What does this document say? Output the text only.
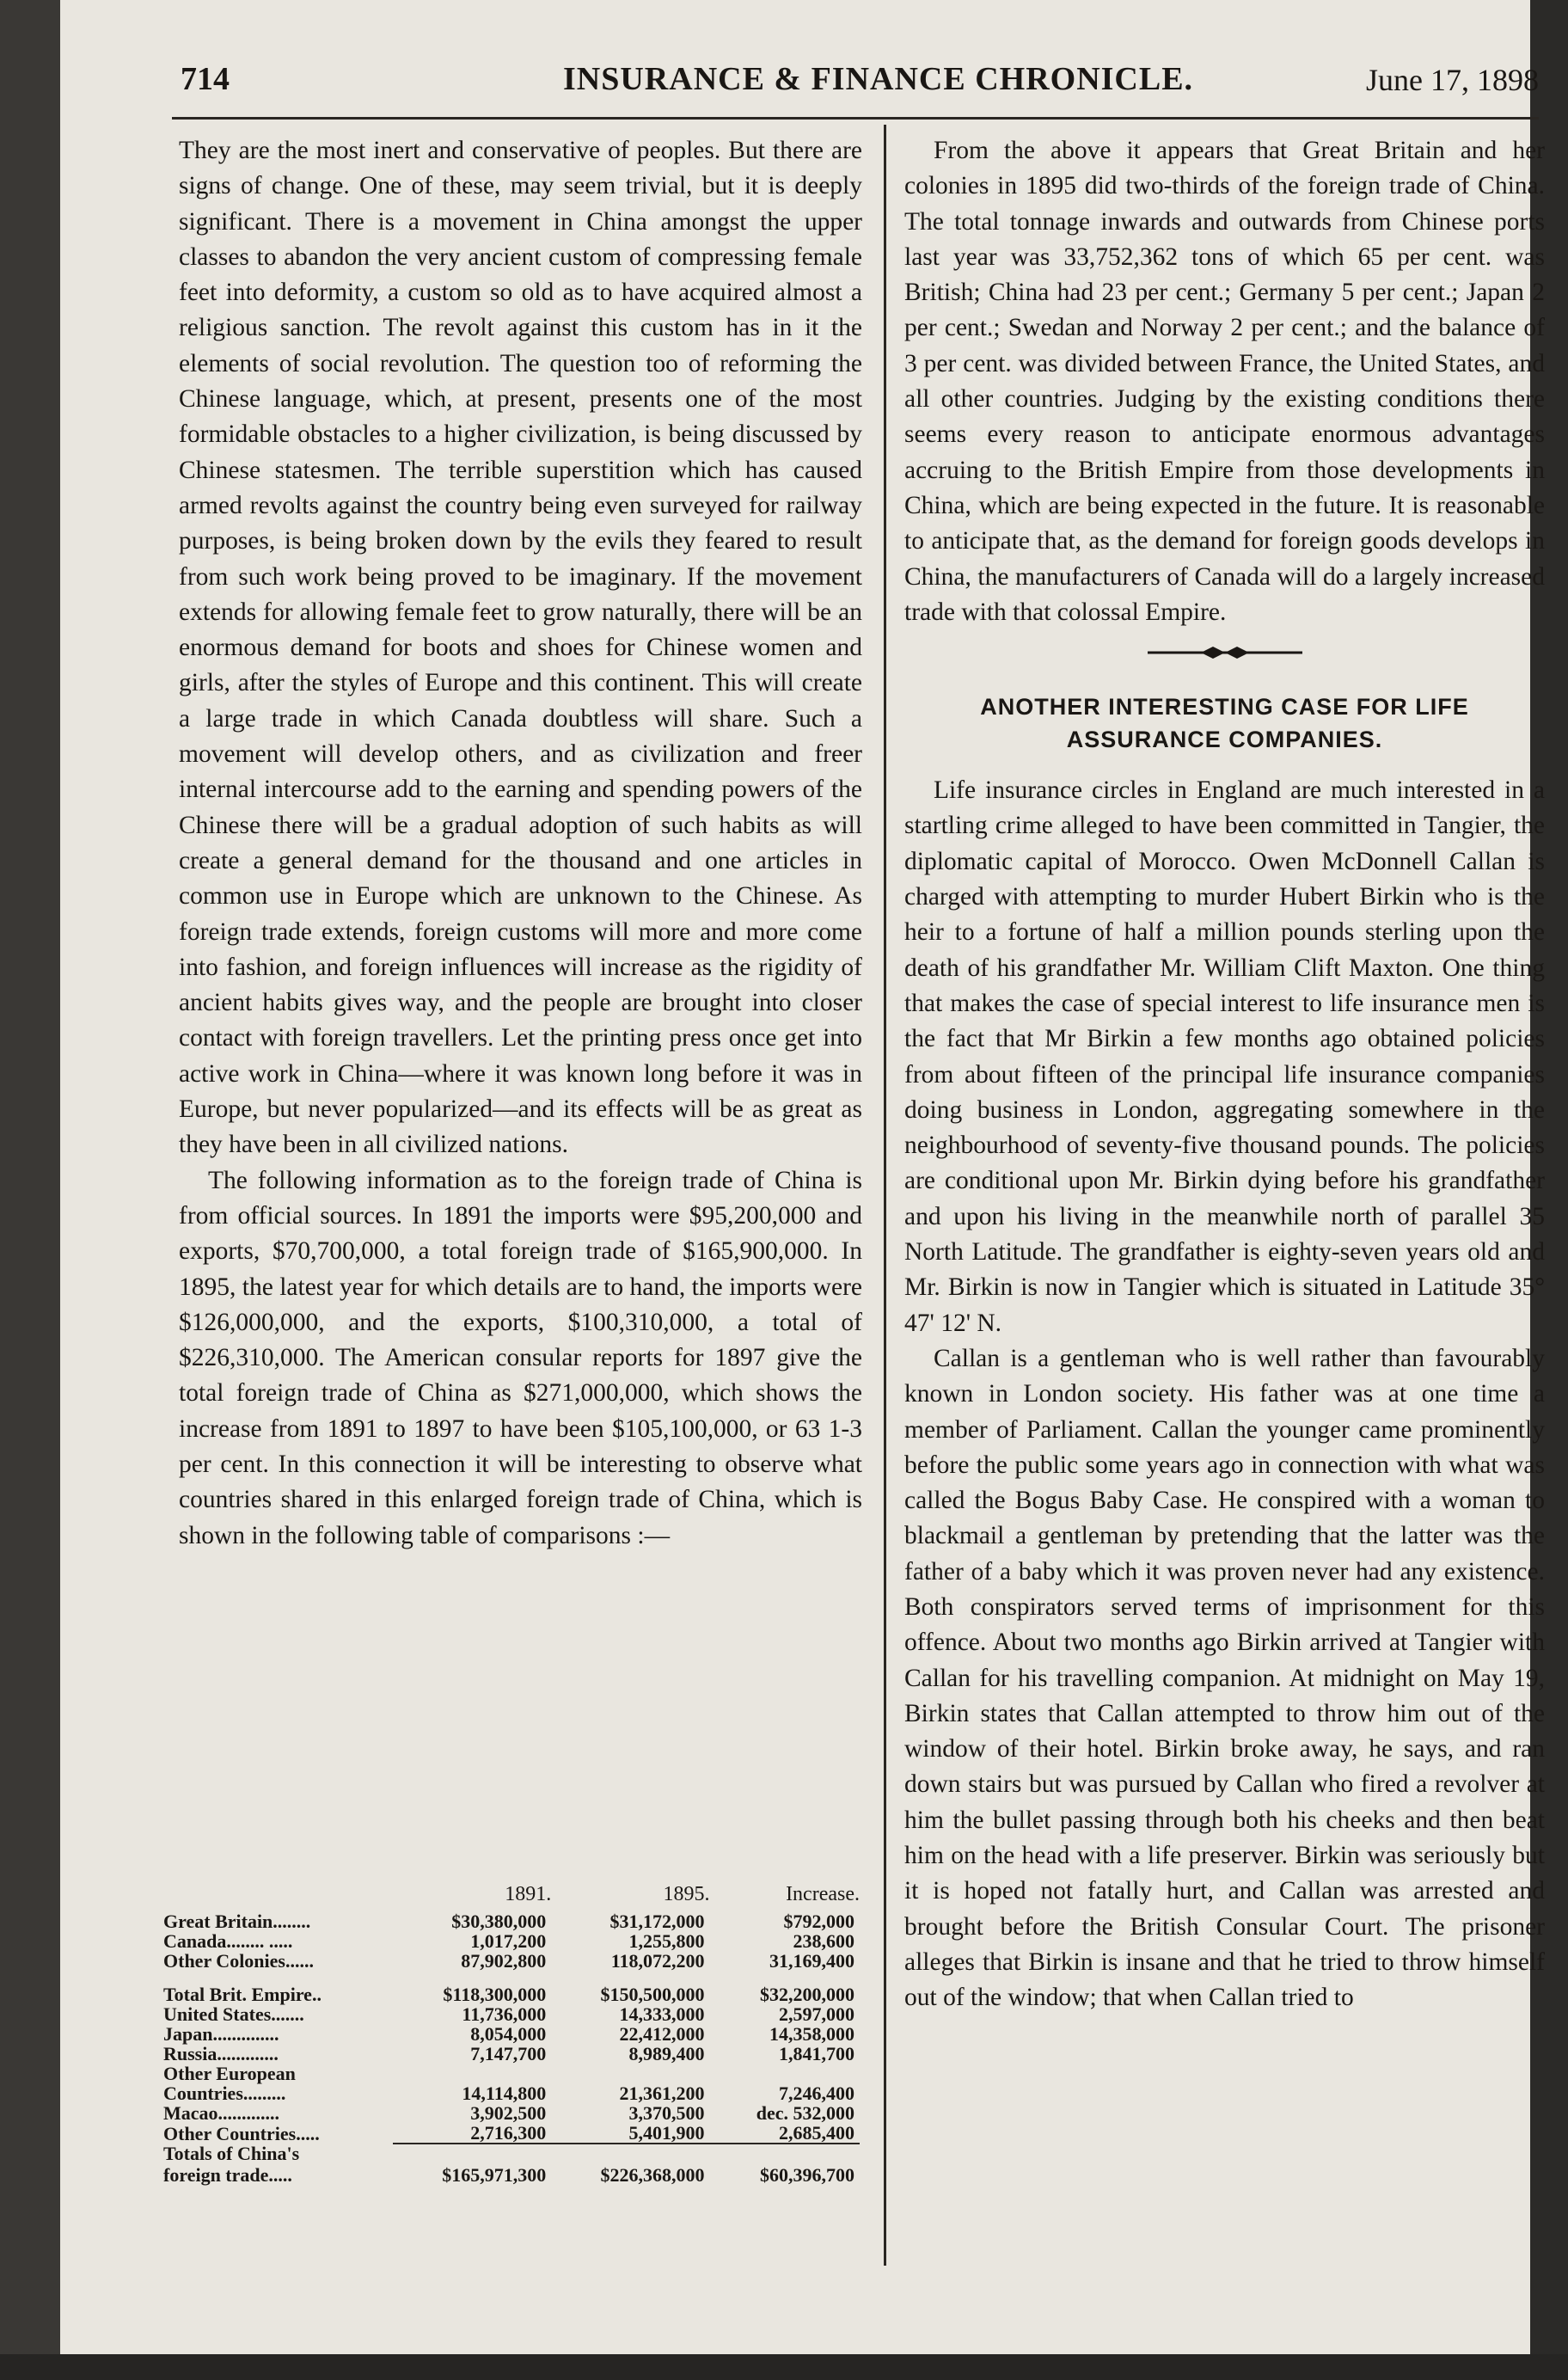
714	INSURANCE & FINANCE CHRONICLE.	June 17, 1898

They are the most inert and conservative of peoples. But there are signs of change. One of these, may seem trivial, but it is deeply significant. There is a movement in China amongst the upper classes to abandon the very ancient custom of compressing female feet into deformity, a custom so old as to have acquired almost a religious sanction. The revolt against this custom has in it the elements of social revolution. The question too of reforming the Chinese language, which, at present, presents one of the most formidable obstacles to a higher civilization, is being discussed by Chinese statesmen. The terrible superstition which has caused armed revolts against the country being even surveyed for railway purposes, is being broken down by the evils they feared to result from such work being proved to be imaginary. If the movement extends for allowing female feet to grow naturally, there will be an enormous demand for boots and shoes for Chinese women and girls, after the styles of Europe and this continent. This will create a large trade in which Canada doubtless will share. Such a movement will develop others, and as civilization and freer internal intercourse add to the earning and spending powers of the Chinese there will be a gradual adoption of such habits as will create a general demand for the thousand and one articles in common use in Europe which are unknown to the Chinese. As foreign trade extends, foreign customs will more and more come into fashion, and foreign influences will increase as the rigidity of ancient habits gives way, and the people are brought into closer contact with foreign travellers. Let the printing press once get into active work in China—where it was known long before it was in Europe, but never popularized—and its effects will be as great as they have been in all civilized nations.

The following information as to the foreign trade of China is from official sources. In 1891 the imports were $95,200,000 and exports, $70,700,000, a total foreign trade of $165,900,000. In 1895, the latest year for which details are to hand, the imports were $126,000,000, and the exports, $100,310,000, a total of $226,310,000. The American consular reports for 1897 give the total foreign trade of China as $271,000,000, which shows the increase from 1891 to 1897 to have been $105,100,000, or 63 1-3 per cent. In this connection it will be interesting to observe what countries shared in this enlarged foreign trade of China, which is shown in the following table of comparisons :—

	1891.	1895.	Increase.
Great Britain........	$30,380,000	$31,172,000	$792,000
Canada........ .....	1,017,200	1,255,800	238,600
Other Colonies......	87,902,800	118,072,200	31,169,400

Total Brit. Empire..	$118,300,000	$150,500,000	$32,200,000
United States.......	11,736,000	14,333,000	2,597,000
Japan..............	8,054,000	22,412,000	14,358,000
Russia.............	7,147,700	8,989,400	1,841,700
Other European			
Countries.........	14,114,800	21,361,200	7,246,400
Macao.............	3,902,500	3,370,500	dec. 532,000
Other Countries.....	2,716,300	5,401,900	2,685,400
Totals of China's			
foreign trade.....	$165,971,300	$226,368,000	$60,396,700

From the above it appears that Great Britain and her colonies in 1895 did two-thirds of the foreign trade of China. The total tonnage inwards and outwards from Chinese ports last year was 33,752,362 tons of which 65 per cent. was British; China had 23 per cent.; Germany 5 per cent.; Japan 2 per cent.; Swedan and Norway 2 per cent.; and the balance of 3 per cent. was divided between France, the United States, and all other countries. Judging by the existing conditions there seems every reason to anticipate enormous advantages accruing to the British Empire from those developments in China, which are being expected in the future. It is reasonable to anticipate that, as the demand for foreign goods develops in China, the manufacturers of Canada will do a largely increased trade with that colossal Empire.

ANOTHER INTERESTING CASE FOR LIFE
ASSURANCE COMPANIES.

Life insurance circles in England are much interested in a startling crime alleged to have been committed in Tangier, the diplomatic capital of Morocco. Owen McDonnell Callan is charged with attempting to murder Hubert Birkin who is the heir to a fortune of half a million pounds sterling upon the death of his grandfather Mr. William Clift Maxton. One thing that makes the case of special interest to life insurance men is the fact that Mr Birkin a few months ago obtained policies from about fifteen of the principal life insurance companies doing business in London, aggregating somewhere in the neighbourhood of seventy-five thousand pounds. The policies are conditional upon Mr. Birkin dying before his grandfather and upon his living in the meanwhile north of parallel 35 North Latitude. The grandfather is eighty-seven years old and Mr. Birkin is now in Tangier which is situated in Latitude 35° 47' 12' N.

Callan is a gentleman who is well rather than favourably known in London society. His father was at one time a member of Parliament. Callan the younger came prominently before the public some years ago in connection with what was called the Bogus Baby Case. He conspired with a woman to blackmail a gentleman by pretending that the latter was the father of a baby which it was proven never had any existence. Both conspirators served terms of imprisonment for this offence. About two months ago Birkin arrived at Tangier with Callan for his travelling companion. At midnight on May 19, Birkin states that Callan attempted to throw him out of the window of their hotel. Birkin broke away, he says, and ran down stairs but was pursued by Callan who fired a revolver at him the bullet passing through both his cheeks and then beat him on the head with a life preserver. Birkin was seriously but it is hoped not fatally hurt, and Callan was arrested and brought before the British Consular Court. The prisoner alleges that Birkin is insane and that he tried to throw himself out of the window; that when Callan tried to
